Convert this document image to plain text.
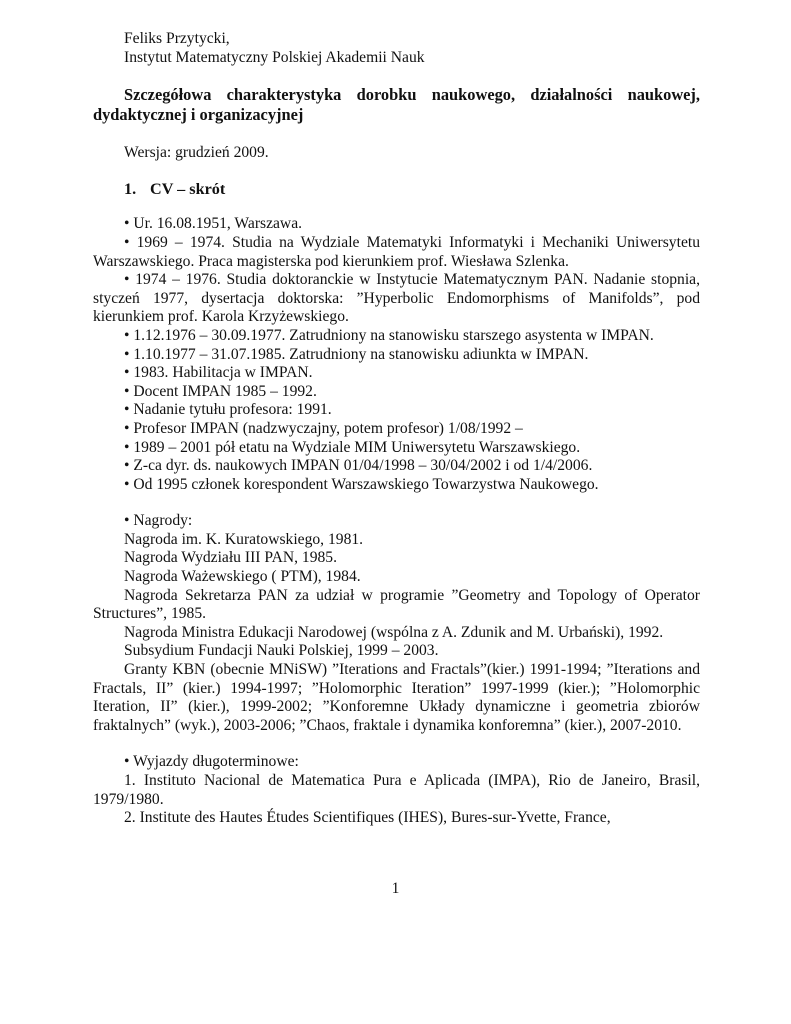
Feliks Przytycki,

Instytut Matematyczny Polskiej Akademii Nauk

Szczegółowa charakterystyka dorobku naukowego, działalności naukowej, dydaktycznej i organizacyjnej

Wersja: grudzień 2009.

1. CV – skrót

• Ur. 16.08.1951, Warszawa.

• 1969 – 1974. Studia na Wydziale Matematyki Informatyki i Mechaniki Uniwersytetu Warszawskiego. Praca magisterska pod kierunkiem prof. Wiesława Szlenka.

• 1974 – 1976. Studia doktoranckie w Instytucie Matematycznym PAN. Nadanie stopnia, styczeń 1977, dysertacja doktorska: ”Hyperbolic Endomorphisms of Manifolds”, pod kierunkiem prof. Karola Krzyżewskiego.

• 1.12.1976 – 30.09.1977. Zatrudniony na stanowisku starszego asystenta w IMPAN.

• 1.10.1977 – 31.07.1985. Zatrudniony na stanowisku adiunkta w IMPAN.

• 1983. Habilitacja w IMPAN.

• Docent IMPAN 1985 – 1992.

• Nadanie tytułu profesora: 1991.

• Profesor IMPAN (nadzwyczajny, potem profesor) 1/08/1992 –

• 1989 – 2001 pół etatu na Wydziale MIM Uniwersytetu Warszawskiego.

• Z-ca dyr. ds. naukowych IMPAN 01/04/1998 – 30/04/2002 i od 1/4/2006.

• Od 1995 członek korespondent Warszawskiego Towarzystwa Naukowego.

• Nagrody:

Nagroda im. K. Kuratowskiego, 1981.

Nagroda Wydziału III PAN, 1985.

Nagroda Ważewskiego ( PTM), 1984.

Nagroda Sekretarza PAN za udział w programie ”Geometry and Topology of Operator Structures”, 1985.

Nagroda Ministra Edukacji Narodowej (wspólna z A. Zdunik and M. Urbański), 1992.

Subsydium Fundacji Nauki Polskiej, 1999 – 2003.

Granty KBN (obecnie MNiSW) ”Iterations and Fractals”(kier.) 1991-1994; ”Iterations and Fractals, II” (kier.) 1994-1997; ”Holomorphic Iteration” 1997-1999 (kier.); ”Holomorphic Iteration, II” (kier.), 1999-2002; ”Konforemne Układy dynamiczne i geometria zbiorów fraktalnych” (wyk.), 2003-2006; ”Chaos, fraktale i dynamika konforemna” (kier.), 2007-2010.

• Wyjazdy długoterminowe:

1. Instituto Nacional de Matematica Pura e Aplicada (IMPA), Rio de Janeiro, Brasil, 1979/1980.

2. Institute des Hautes Études Scientifiques (IHES), Bures-sur-Yvette, France,

1
